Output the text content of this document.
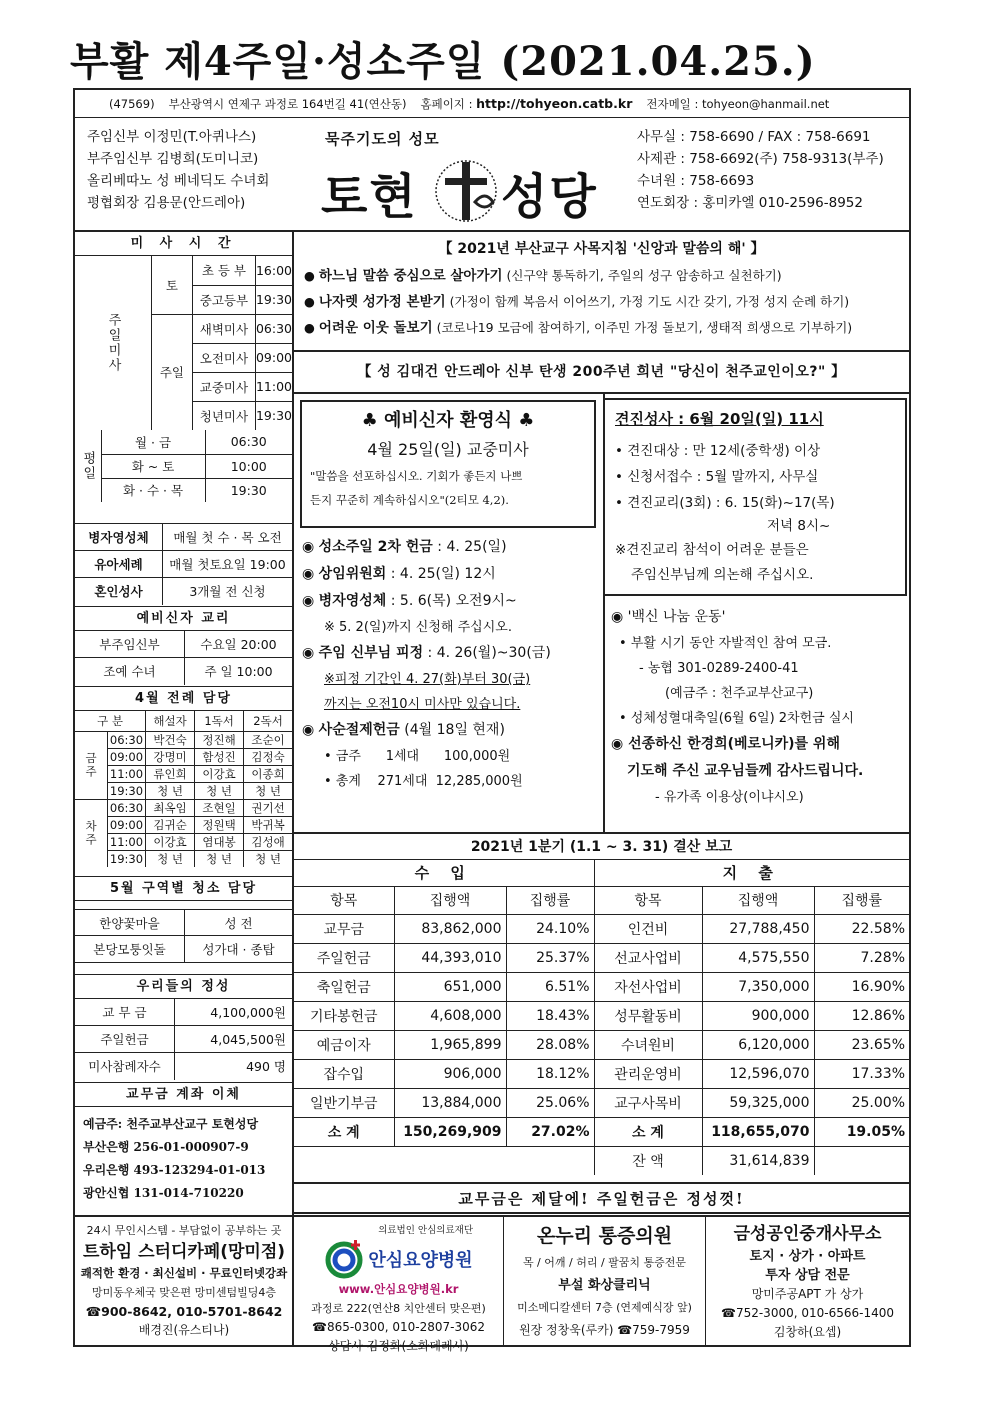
부활 제4주일·성소주일 (2021.04.25.)
(47569) 부산광역시 연제구 과정로 164번길 41(연산동) 홈페이지 : http://tohyeon.catb.kr 전자메일 : tohyeon@hanmail.net
주임신부 이정민(T.아퀴나스)
부주임신부 김병희(도미니코)
올리베따노 성 베네딕도 수녀회
평협회장 김용문(안드레아)
묵주기도의 성모
토현 성당
사무실 : 758-6690 / FAX : 758-6691
사제관 : 758-6692(주) 758-9313(부주)
수녀원 : 758-6693
연도회장 : 홍미카엘 010-2596-8952
미 사 시 간
주일미사	토	초 등 부	16:00
		중고등부	19:30
	주일	새벽미사	06:30
		오전미사	09:00
		교중미사	11:00
		청년미사	19:30
평일	월 · 금	06:30
	화 ~ 토	10:00
	화 · 수 · 목	19:30
병자영성체	매월 첫 수 · 목 오전
유아세례	매월 첫토요일 19:00
혼인성사	3개월 전 신청
예비신자 교리
부주임신부	수요일 20:00
조예 수녀	주 일 10:00
4월 전례 담당
구 분		해설자	1독서	2독서
금주	06:30	박건숙	정진해	조순이
	09:00	강명미	함성진	김정숙
	11:00	류인희	이강효	이종희
	19:30	청 년	청 년	청 년
차주	06:30	최옥임	조현일	권기선
	09:00	김귀순	정원택	박귀복
	11:00	이강효	염대봉	김성애
	19:30	청 년	청 년	청 년
5월 구역별 청소 담당
한양꽃마을	성 전
본당모퉁잇돌	성가대 · 종탑
우리들의 정성
교 무 금	4,100,000원
주일헌금	4,045,500원
미사참례자수	490 명
교무금 계좌 이체
예금주: 천주교부산교구 토현성당
부산은행 256-01-000907-9
우리은행 493-123294-01-013
광안신협 131-014-710220
【 2021년 부산교구 사목지침 '신앙과 말씀의 해' 】
● 하느님 말씀 중심으로 살아가기 (신구약 통독하기, 주일의 성구 암송하고 실천하기)
● 나자렛 성가정 본받기 (가정이 함께 복음서 이어쓰기, 가정 기도 시간 갖기, 가정 성지 순례 하기)
● 어려운 이웃 돌보기 (코로나19 모금에 참여하기, 이주민 가정 돌보기, 생태적 희생으로 기부하기)
【 성 김대건 안드레아 신부 탄생 200주년 희년 "당신이 천주교인이오?" 】
♣ 예비신자 환영식 ♣
4월 25일(일) 교중미사
"말씀을 선포하십시오. 기회가 좋든지 나쁘
든지 꾸준히 계속하십시오"(2티모 4,2).
◉ 성소주일 2차 헌금 : 4. 25(일)
◉ 상임위원회 : 4. 25(일) 12시
◉ 병자영성체 : 5. 6(목) 오전9시~
※ 5. 2(일)까지 신청해 주십시오.
◉ 주임 신부님 피정 : 4. 26(월)~30(금)
※피정 기간인 4. 27(화)부터 30(금)
까지는 오전10시 미사만 있습니다.
◉ 사순절제헌금 (4월 18일 현재)
• 금주      1세대      100,000원
• 총계    271세대  12,285,000원
견진성사 : 6월 20일(일) 11시
• 견진대상 : 만 12세(중학생) 이상
• 신청서접수 : 5월 말까지, 사무실
• 견진교리(3회) : 6. 15(화)~17(목)
저녁 8시~
※견진교리 참석이 어려운 분들은
주임신부님께 의논해 주십시오.
◉ '백신 나눔 운동'
• 부활 시기 동안 자발적인 참여 모금.
- 농협 301-0289-2400-41
(예금주 : 천주교부산교구)
• 성체성혈대축일(6월 6일) 2차헌금 실시
◉ 선종하신 한경희(베로니카)를 위해
기도해 주신 교우님들께 감사드립니다.
- 유가족 이용상(이냐시오)
2021년 1분기 (1.1 ~ 3. 31) 결산 보고
수 입			지 출		
항목	집행액	집행률	항목	집행액	집행률
교무금	83,862,000	24.10%	인건비	27,788,450	22.58%
주일헌금	44,393,010	25.37%	선교사업비	4,575,550	7.28%
축일헌금	651,000	6.51%	자선사업비	7,350,000	16.90%
기타봉헌금	4,608,000	18.43%	성무활동비	900,000	12.86%
예금이자	1,965,899	28.08%	수녀원비	6,120,000	23.65%
잡수입	906,000	18.12%	관리운영비	12,596,070	17.33%
일반기부금	13,884,000	25.06%	교구사목비	59,325,000	25.00%
소 계	150,269,909	27.02%	소 계	118,655,070	19.05%
			잔 액	31,614,839	
교무금은 제달에! 주일헌금은 정성껏!
24시 무인시스템 - 부담없이 공부하는 곳
트하임 스터디카페(망미점)
쾌적한 환경 · 최신설비 · 무료인터넷강좌
망미동우체국 맞은편 망미센텀빌딩4층
☎900-8642, 010-5701-8642
배경진(유스티나)
의료법인 안심의료재단
안심요양병원
www.안심요양병원.kr
과정로 222(연산8 치안센터 맞은편)
☎865-0300, 010-2807-3062
상담사 김정화(소화데레사)
온누리 통증의원
목 / 어깨 / 허리 / 팔꿈치 통증전문
부설 화상클리닉
미소메디칼센터 7층 (연제예식장 앞)
원장 정창욱(루카) ☎759-7959
금성공인중개사무소
토지 · 상가 · 아파트
투자 상담 전문
망미주공APT 가 상가
☎752-3000, 010-6566-1400
김창하(요셉)
